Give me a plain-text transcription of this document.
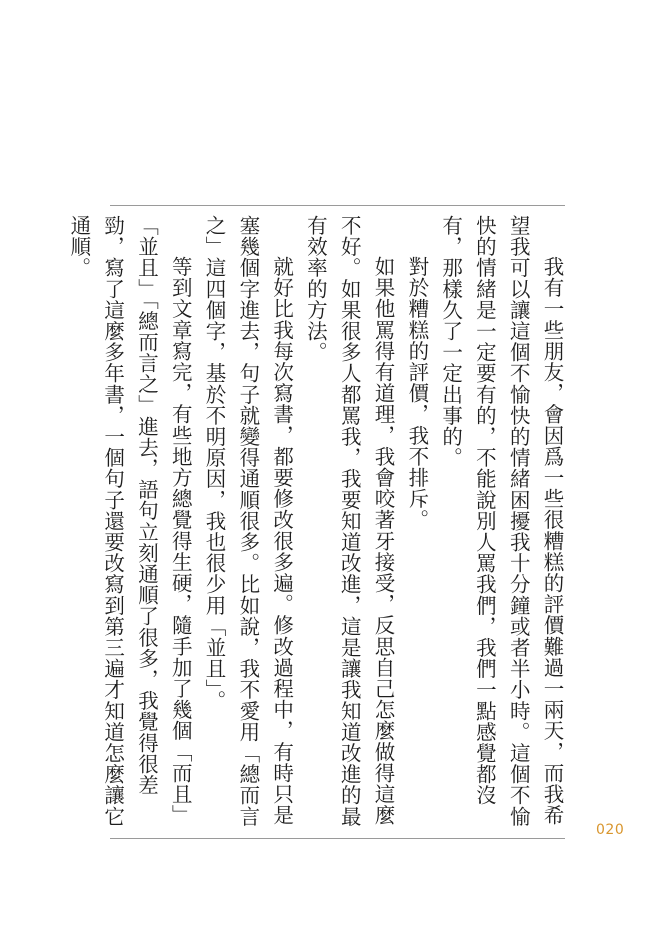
我有一些朋友，會因爲一些很糟糕的評價難過一兩天，而我希望我可以讓這個不愉快的情緒困擾我十分鐘或者半小時。這個不愉快的情緒是一定要有的，不能說別人罵我們，我們一點感覺都沒有，那樣久了一定出事的。

對於糟糕的評價，我不排斥。

如果他罵得有道理，我會咬著牙接受，反思自己怎麼做得這麼不好。如果很多人都罵我，我要知道改進，這是讓我知道改進的最有效率的方法。

就好比我每次寫書，都要修改很多遍。修改過程中，有時只是塞幾個字進去，句子就變得通順很多。比如說，我不愛用「總而言之」這四個字，基於不明原因，我也很少用「並且」。

等到文章寫完，有些地方總覺得生硬，隨手加了幾個「而且」「並且」「總而言之」進去，語句立刻通順了很多，我覺得很差勁，寫了這麼多年書，一個句子還要改寫到第三遍才知道怎麼讓它通順。

020
